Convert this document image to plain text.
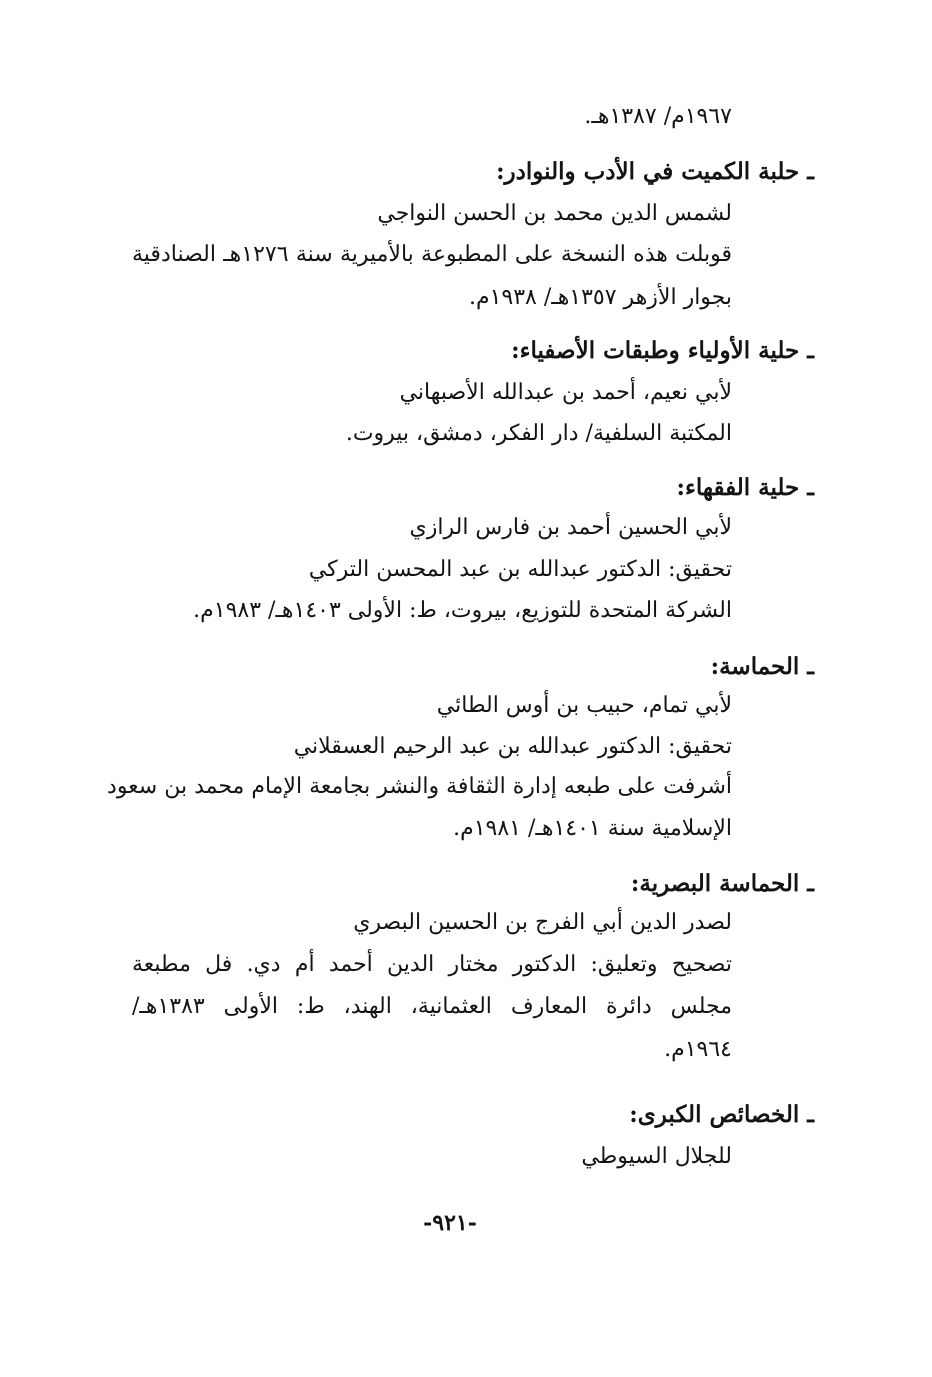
١٩٦٧م/ ١٣٨٧هـ.
ـ حلبة الكميت في الأدب والنوادر:
لشمس الدين محمد بن الحسن النواجي
قوبلت هذه النسخة على المطبوعة بالأميرية سنة ١٢٧٦هـ الصنادقية
بجوار الأزهر ١٣٥٧هـ/ ١٩٣٨م.
ـ حلية الأولياء وطبقات الأصفياء:
لأبي نعيم، أحمد بن عبدالله الأصبهاني
المكتبة السلفية/ دار الفكر، دمشق، بيروت.
ـ حلية الفقهاء:
لأبي الحسين أحمد بن فارس الرازي
تحقيق: الدكتور عبدالله بن عبد المحسن التركي
الشركة المتحدة للتوزيع، بيروت، ط: الأولى ١٤٠٣هـ/ ١٩٨٣م.
ـ الحماسة:
لأبي تمام، حبيب بن أوس الطائي
تحقيق: الدكتور عبدالله بن عبد الرحيم العسقلاني
أشرفت على طبعه إدارة الثقافة والنشر بجامعة الإمام محمد بن سعود
الإسلامية سنة ١٤٠١هـ/ ١٩٨١م.
ـ الحماسة البصرية:
لصدر الدين أبي الفرج بن الحسين البصري
تصحيح وتعليق: الدكتور مختار الدين أحمد أم دي. فل مطبعة
مجلس دائرة المعارف العثمانية، الهند، ط: الأولى ١٣٨٣هـ/
١٩٦٤م.
ـ الخصائص الكبرى:
للجلال السيوطي
-٩٢١-
